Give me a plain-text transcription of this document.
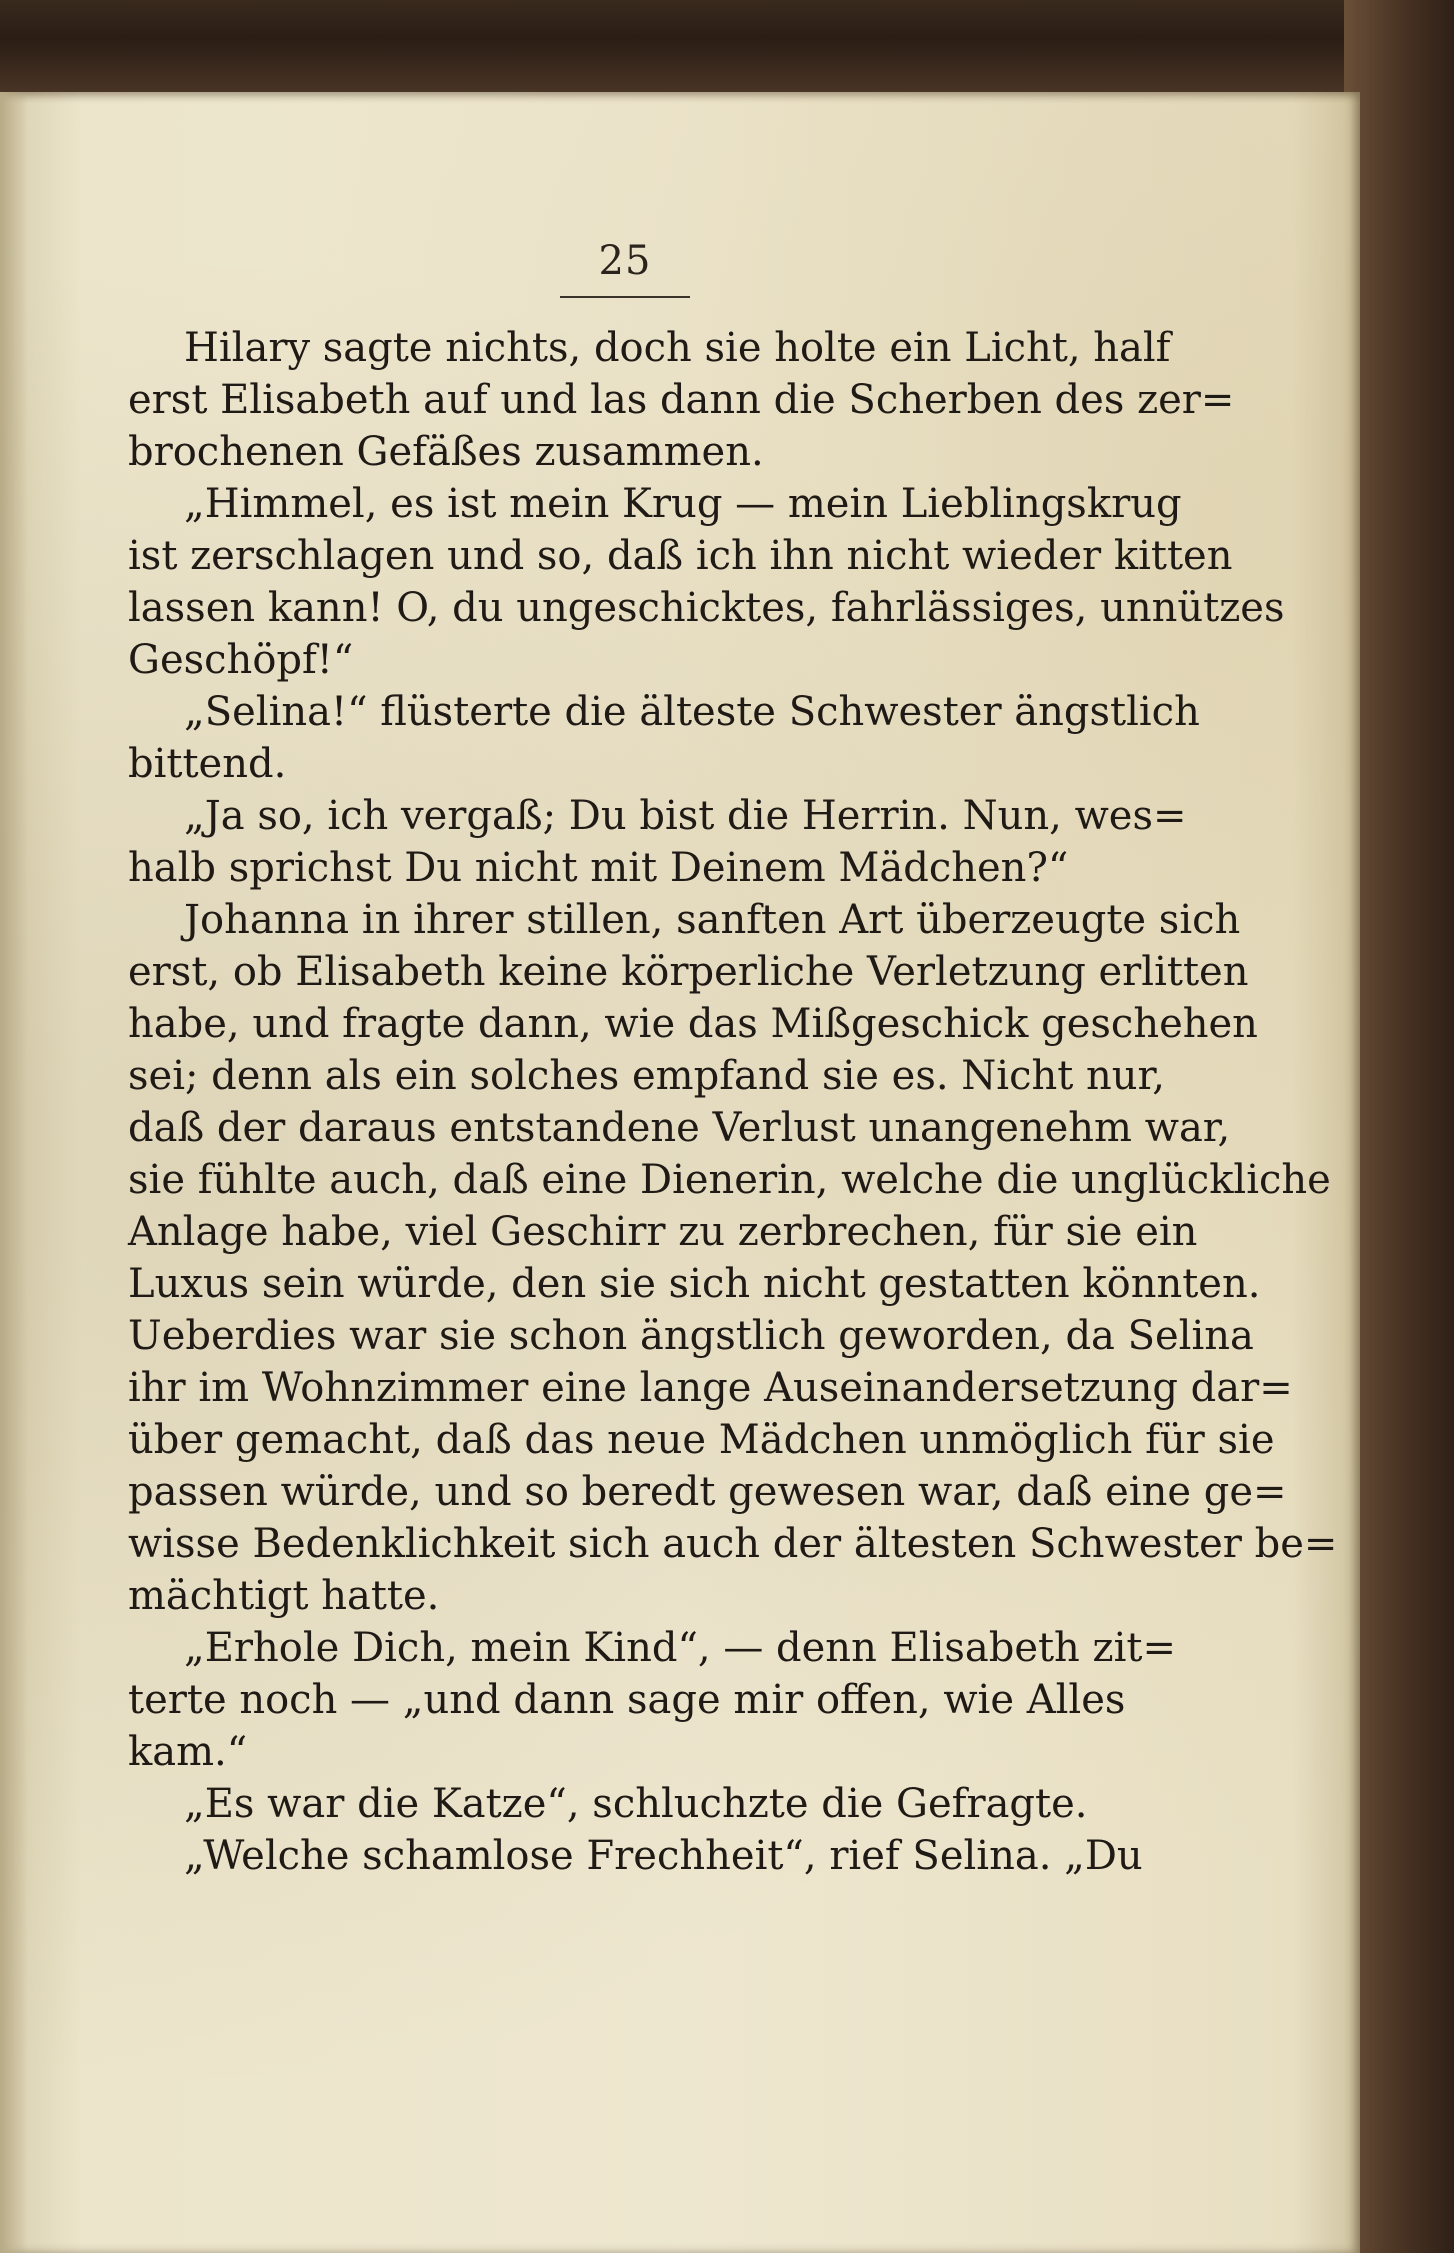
25
Hilary sagte nichts, doch sie holte ein Licht, half
erst Elisabeth auf und las dann die Scherben des zer=
brochenen Gefäßes zusammen.
„Himmel, es ist mein Krug — mein Lieblingskrug
ist zerschlagen und so, daß ich ihn nicht wieder kitten
lassen kann! O, du ungeschicktes, fahrlässiges, unnützes
Geschöpf!“
„Selina!“ flüsterte die älteste Schwester ängstlich
bittend.
„Ja so, ich vergaß; Du bist die Herrin. Nun, wes=
halb sprichst Du nicht mit Deinem Mädchen?“
Johanna in ihrer stillen, sanften Art überzeugte sich
erst, ob Elisabeth keine körperliche Verletzung erlitten
habe, und fragte dann, wie das Mißgeschick geschehen
sei; denn als ein solches empfand sie es. Nicht nur,
daß der daraus entstandene Verlust unangenehm war,
sie fühlte auch, daß eine Dienerin, welche die unglückliche
Anlage habe, viel Geschirr zu zerbrechen, für sie ein
Luxus sein würde, den sie sich nicht gestatten könnten.
Ueberdies war sie schon ängstlich geworden, da Selina
ihr im Wohnzimmer eine lange Auseinandersetzung dar=
über gemacht, daß das neue Mädchen unmöglich für sie
passen würde, und so beredt gewesen war, daß eine ge=
wisse Bedenklichkeit sich auch der ältesten Schwester be=
mächtigt hatte.
„Erhole Dich, mein Kind“, — denn Elisabeth zit=
terte noch — „und dann sage mir offen, wie Alles
kam.“
„Es war die Katze“, schluchzte die Gefragte.
„Welche schamlose Frechheit“, rief Selina. „Du
